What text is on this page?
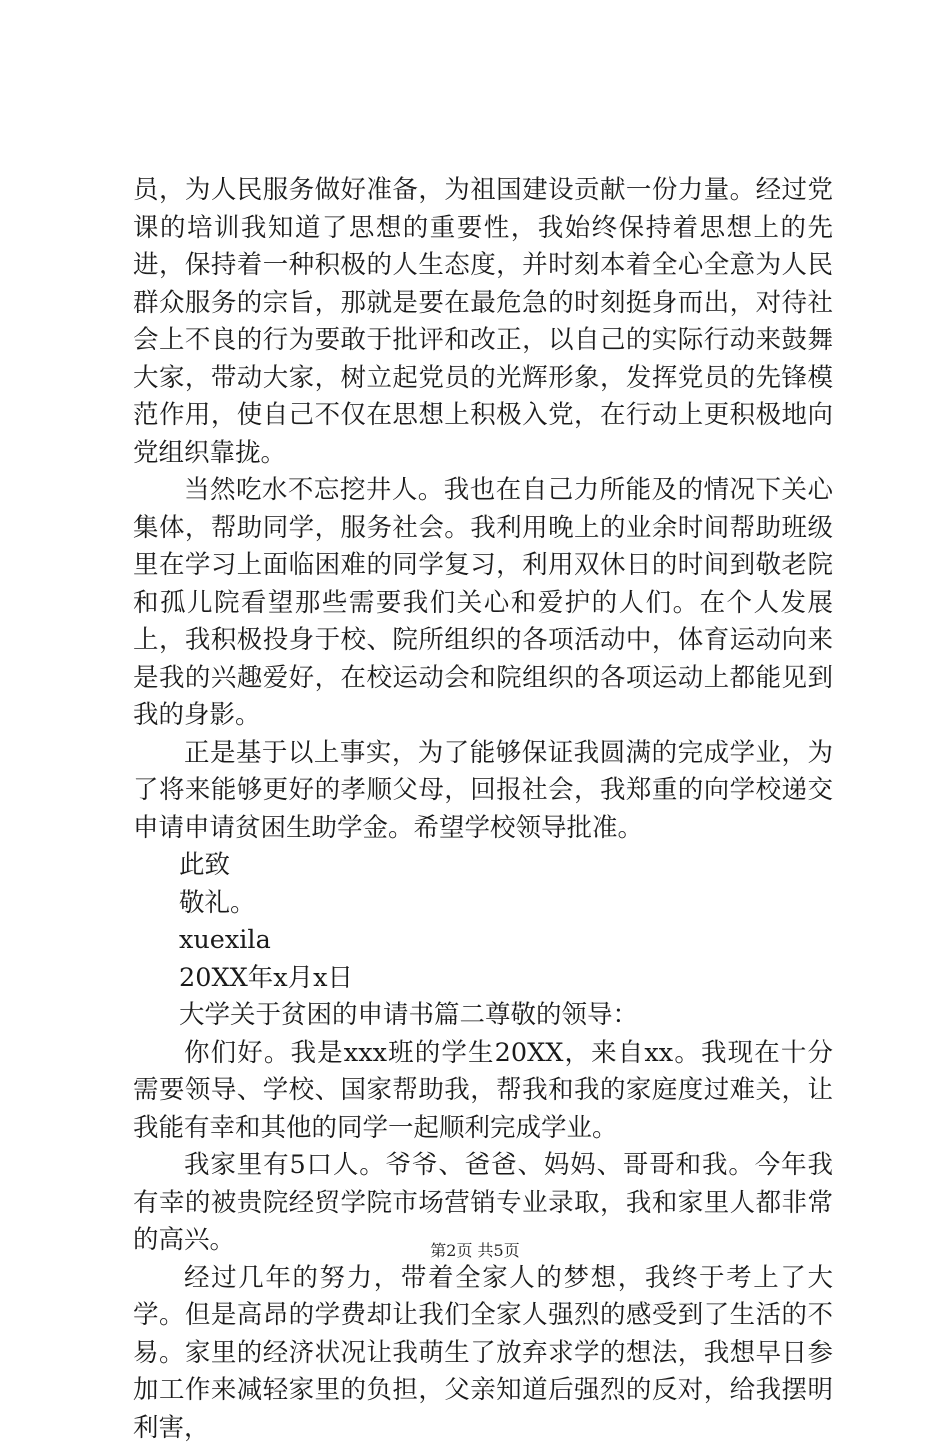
员，为人民服务做好准备，为祖国建设贡献一份力量。经过党课的培训我知道了思想的重要性，我始终保持着思想上的先进，保持着一种积极的人生态度，并时刻本着全心全意为人民群众服务的宗旨，那就是要在最危急的时刻挺身而出，对待社会上不良的行为要敢于批评和改正，以自己的实际行动来鼓舞大家，带动大家，树立起党员的光辉形象，发挥党员的先锋模范作用，使自己不仅在思想上积极入党，在行动上更积极地向党组织靠拢。

当然吃水不忘挖井人。我也在自己力所能及的情况下关心集体，帮助同学，服务社会。我利用晚上的业余时间帮助班级里在学习上面临困难的同学复习，利用双休日的时间到敬老院和孤儿院看望那些需要我们关心和爱护的人们。在个人发展上，我积极投身于校、院所组织的各项活动中，体育运动向来是我的兴趣爱好，在校运动会和院组织的各项运动上都能见到我的身影。

正是基于以上事实，为了能够保证我圆满的完成学业，为了将来能够更好的孝顺父母，回报社会，我郑重的向学校递交申请申请贫困生助学金。希望学校领导批准。

此致

敬礼。

xuexila

20XX年x月x日

大学关于贫困的申请书篇二尊敬的领导：

你们好。我是xxx班的学生20XX，来自xx。我现在十分需要领导、学校、国家帮助我，帮我和我的家庭度过难关，让我能有幸和其他的同学一起顺利完成学业。

我家里有5口人。爷爷、爸爸、妈妈、哥哥和我。今年我有幸的被贵院经贸学院市场营销专业录取，我和家里人都非常的高兴。

经过几年的努力，带着全家人的梦想，我终于考上了大学。但是高昂的学费却让我们全家人强烈的感受到了生活的不易。家里的经济状况让我萌生了放弃求学的想法，我想早日参加工作来减轻家里的负担，父亲知道后强烈的反对，给我摆明利害，

第2页 共5页
